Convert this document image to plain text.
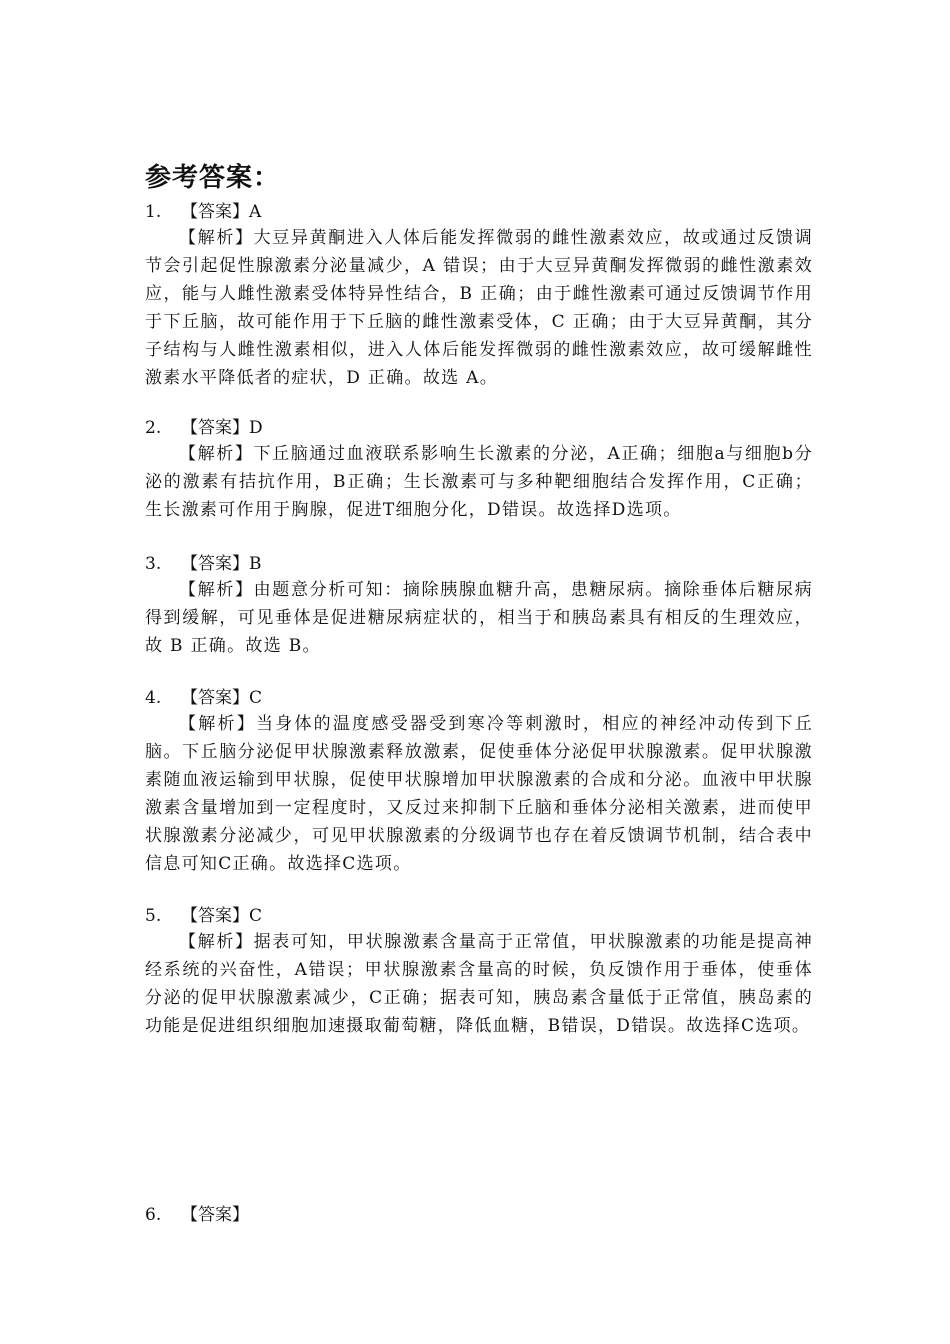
参考答案：
1. 【答案】A

【解析】大豆异黄酮进入人体后能发挥微弱的雌性激素效应，故或通过反馈调节会引起促性腺激素分泌量减少，A 错误；由于大豆异黄酮发挥微弱的雌性激素效应，能与人雌性激素受体特异性结合，B 正确；由于雌性激素可通过反馈调节作用于下丘脑，故可能作用于下丘脑的雌性激素受体，C 正确；由于大豆异黄酮，其分子结构与人雌性激素相似，进入人体后能发挥微弱的雌性激素效应，故可缓解雌性激素水平降低者的症状，D 正确。故选 A。

2. 【答案】D

【解析】下丘脑通过血液联系影响生长激素的分泌，A正确；细胞a与细胞b分泌的激素有拮抗作用，B正确；生长激素可与多种靶细胞结合发挥作用，C正确；生长激素可作用于胸腺，促进T细胞分化，D错误。故选择D选项。

3. 【答案】B

【解析】由题意分析可知：摘除胰腺血糖升高，患糖尿病。摘除垂体后糖尿病得到缓解，可见垂体是促进糖尿病症状的，相当于和胰岛素具有相反的生理效应，故 B 正确。故选 B。

4. 【答案】C

【解析】当身体的温度感受器受到寒冷等刺激时，相应的神经冲动传到下丘脑。下丘脑分泌促甲状腺激素释放激素，促使垂体分泌促甲状腺激素。促甲状腺激素随血液运输到甲状腺，促使甲状腺增加甲状腺激素的合成和分泌。血液中甲状腺激素含量增加到一定程度时，又反过来抑制下丘脑和垂体分泌相关激素，进而使甲状腺激素分泌减少，可见甲状腺激素的分级调节也存在着反馈调节机制，结合表中信息可知C正确。故选择C选项。

5. 【答案】C

【解析】据表可知，甲状腺激素含量高于正常值，甲状腺激素的功能是提高神经系统的兴奋性，A错误；甲状腺激素含量高的时候，负反馈作用于垂体，使垂体分泌的促甲状腺激素减少，C正确；据表可知，胰岛素含量低于正常值，胰岛素的功能是促进组织细胞加速摄取葡萄糖，降低血糖，B错误，D错误。故选择C选项。

6. 【答案】
